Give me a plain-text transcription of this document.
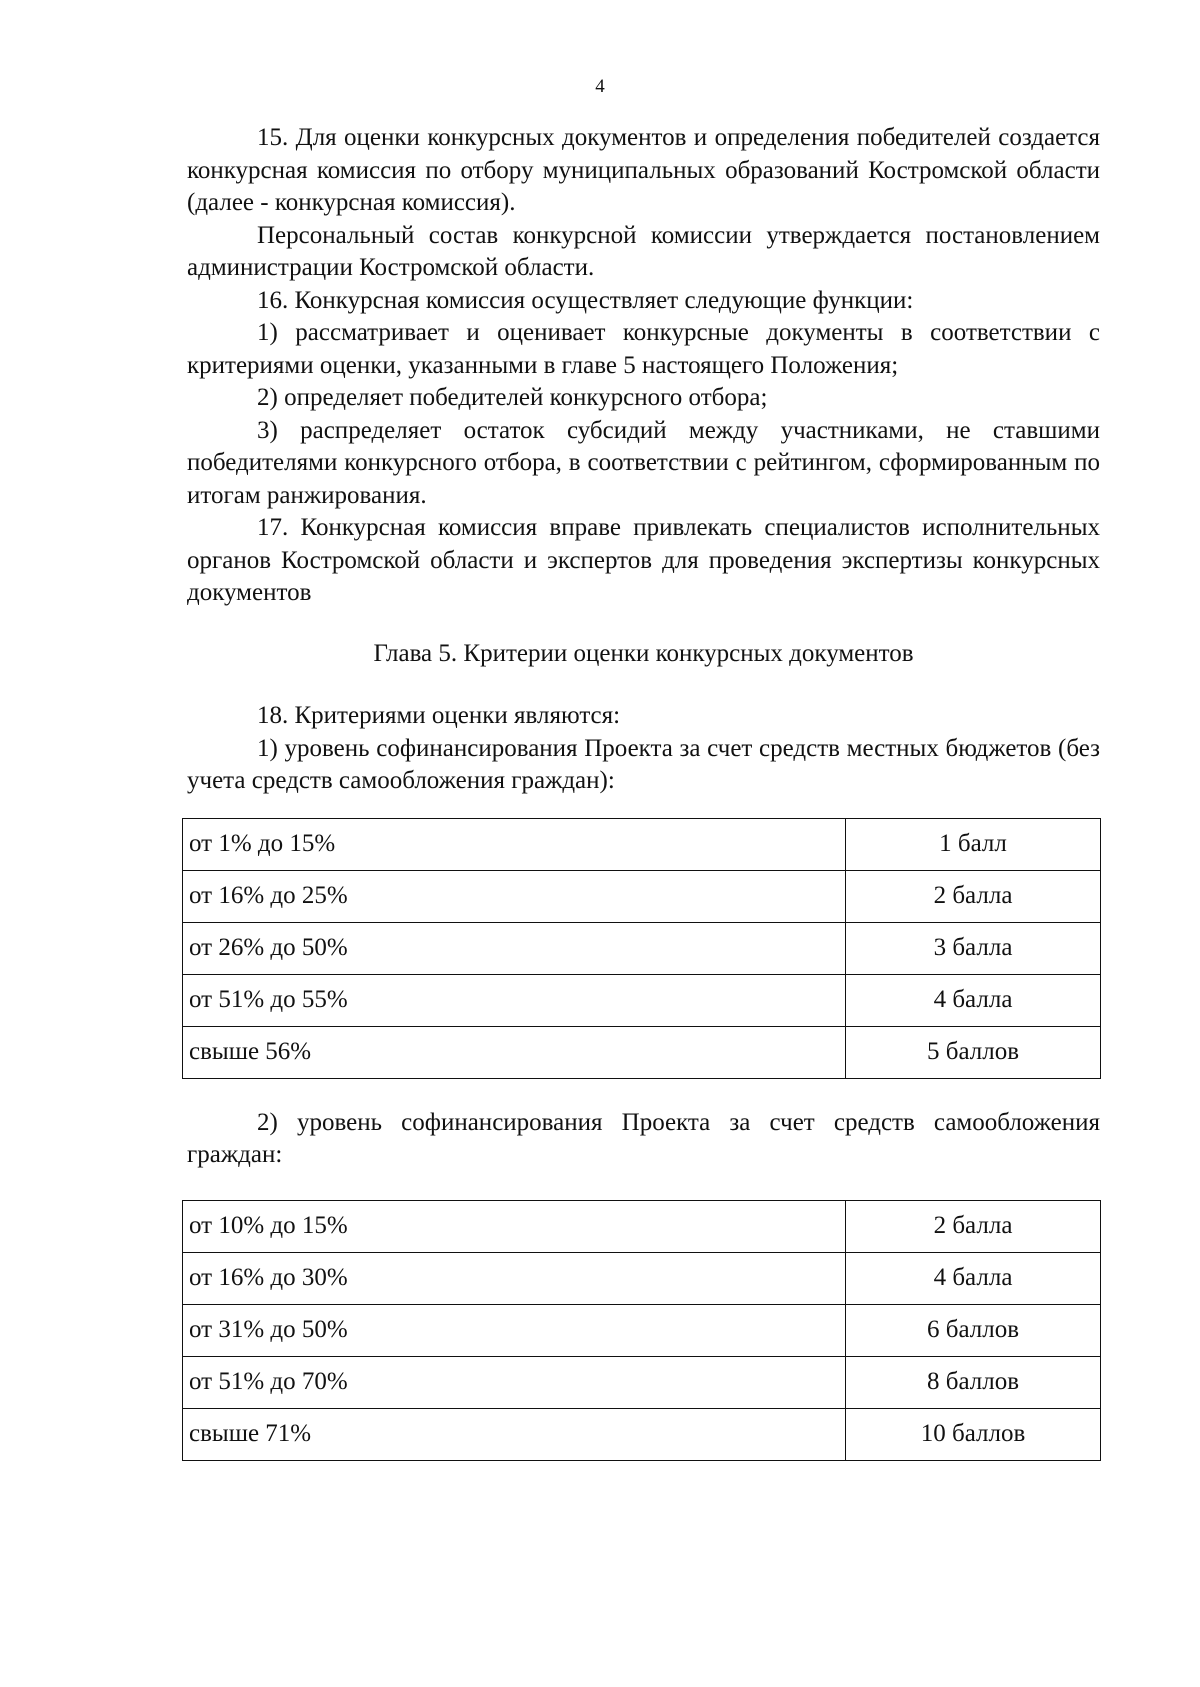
4

15. Для оценки конкурсных документов и определения победителей создается конкурсная комиссия по отбору муниципальных образований Костромской области (далее - конкурсная комиссия).

Персональный состав конкурсной комиссии утверждается постановлением администрации Костромской области.

16. Конкурсная комиссия осуществляет следующие функции:

1) рассматривает и оценивает конкурсные документы в соответствии с критериями оценки, указанными в главе 5 настоящего Положения;

2) определяет победителей конкурсного отбора;

3) распределяет остаток субсидий между участниками, не ставшими победителями конкурсного отбора, в соответствии с рейтингом, сформированным по итогам ранжирования.

17. Конкурсная комиссия вправе привлекать специалистов исполнительных органов Костромской области и экспертов для проведения экспертизы конкурсных документов

Глава 5. Критерии оценки конкурсных документов

18. Критериями оценки являются:

1) уровень софинансирования Проекта за счет средств местных бюджетов (без учета средств самообложения граждан):

от 1% до 15%	1 балл
от 16% до 25%	2 балла
от 26% до 50%	3 балла
от 51% до 55%	4 балла
свыше 56%	5 баллов

2) уровень софинансирования Проекта за счет средств самообложения граждан:

от 10% до 15%	2 балла
от 16% до 30%	4 балла
от 31% до 50%	6 баллов
от 51% до 70%	8 баллов
свыше 71%	10 баллов
